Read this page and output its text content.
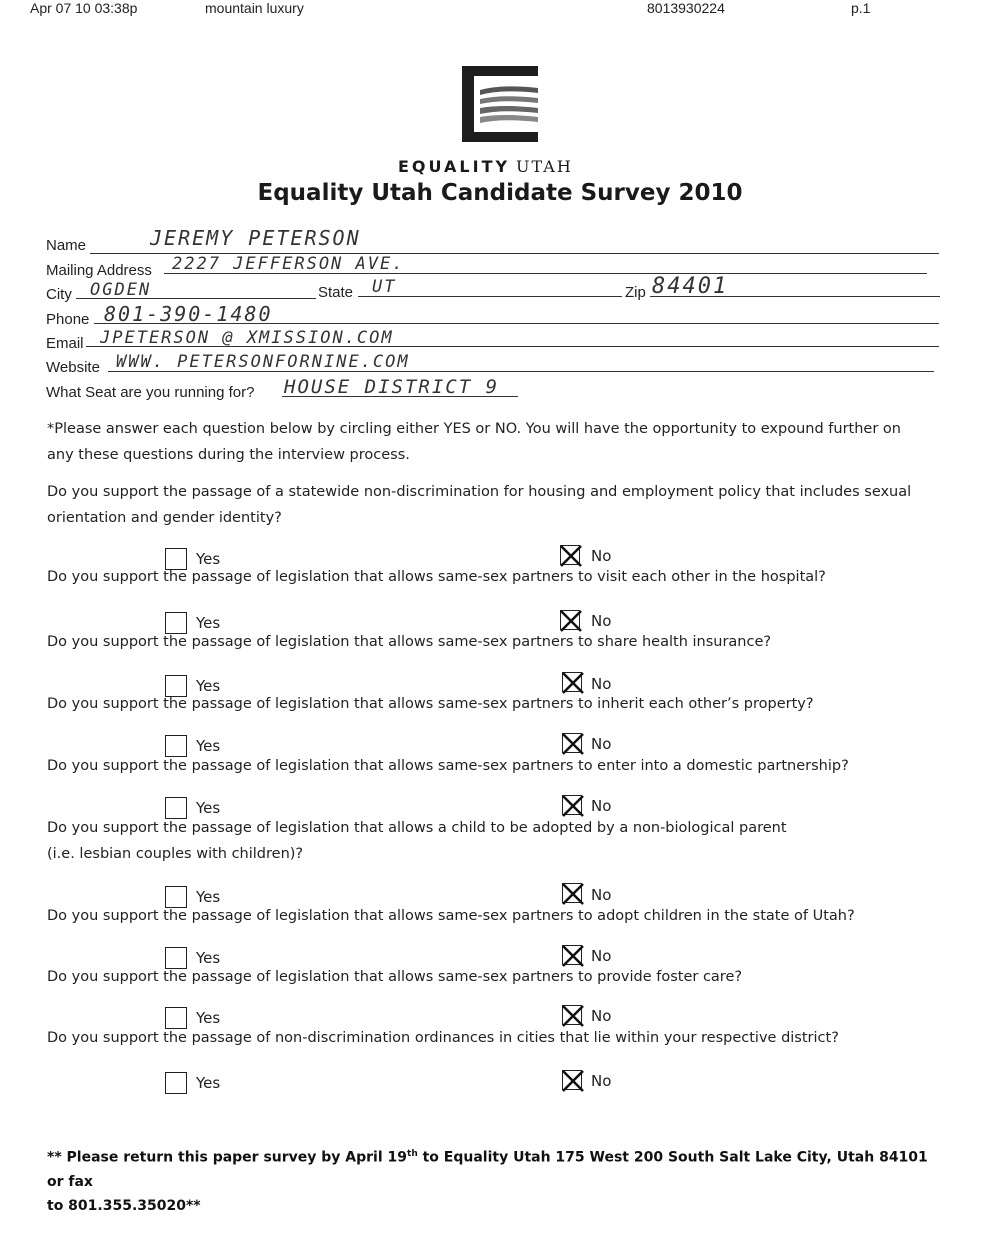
Apr 07 10 03:38p	mountain luxury	8013930224	p.1
EQUALITY UTAH
Equality Utah Candidate Survey 2010
Name	JEREMY PETERSON
Mailing Address 2227 JEFFERSON AVE.
City OGDEN	State UT	Zip 84401
Phone 801-390-1480
Email JPETERSON @ XMISSION.COM
Website WWW. PETERSONFORNINE.COM
What Seat are you running for? HOUSE DISTRICT 9
*Please answer each question below by circling either YES or NO. You will have the opportunity to expound further on
any these questions during the interview process.
Do you support the passage of a statewide non-discrimination for housing and employment policy that includes sexual
orientation and gender identity?
Yes	No
Do you support the passage of legislation that allows same-sex partners to visit each other in the hospital?
Yes	No
Do you support the passage of legislation that allows same-sex partners to share health insurance?
Yes	No
Do you support the passage of legislation that allows same-sex partners to inherit each other’s property?
Yes	No
Do you support the passage of legislation that allows same-sex partners to enter into a domestic partnership?
Yes	No
Do you support the passage of legislation that allows a child to be adopted by a non-biological parent
(i.e. lesbian couples with children)?
Yes	No
Do you support the passage of legislation that allows same-sex partners to adopt children in the state of Utah?
Yes	No
Do you support the passage of legislation that allows same-sex partners to provide foster care?
Yes	No
Do you support the passage of non-discrimination ordinances in cities that lie within your respective district?
Yes	No
** Please return this paper survey by April 19th to Equality Utah 175 West 200 South Salt Lake City, Utah 84101 or fax
to 801.355.35020**
